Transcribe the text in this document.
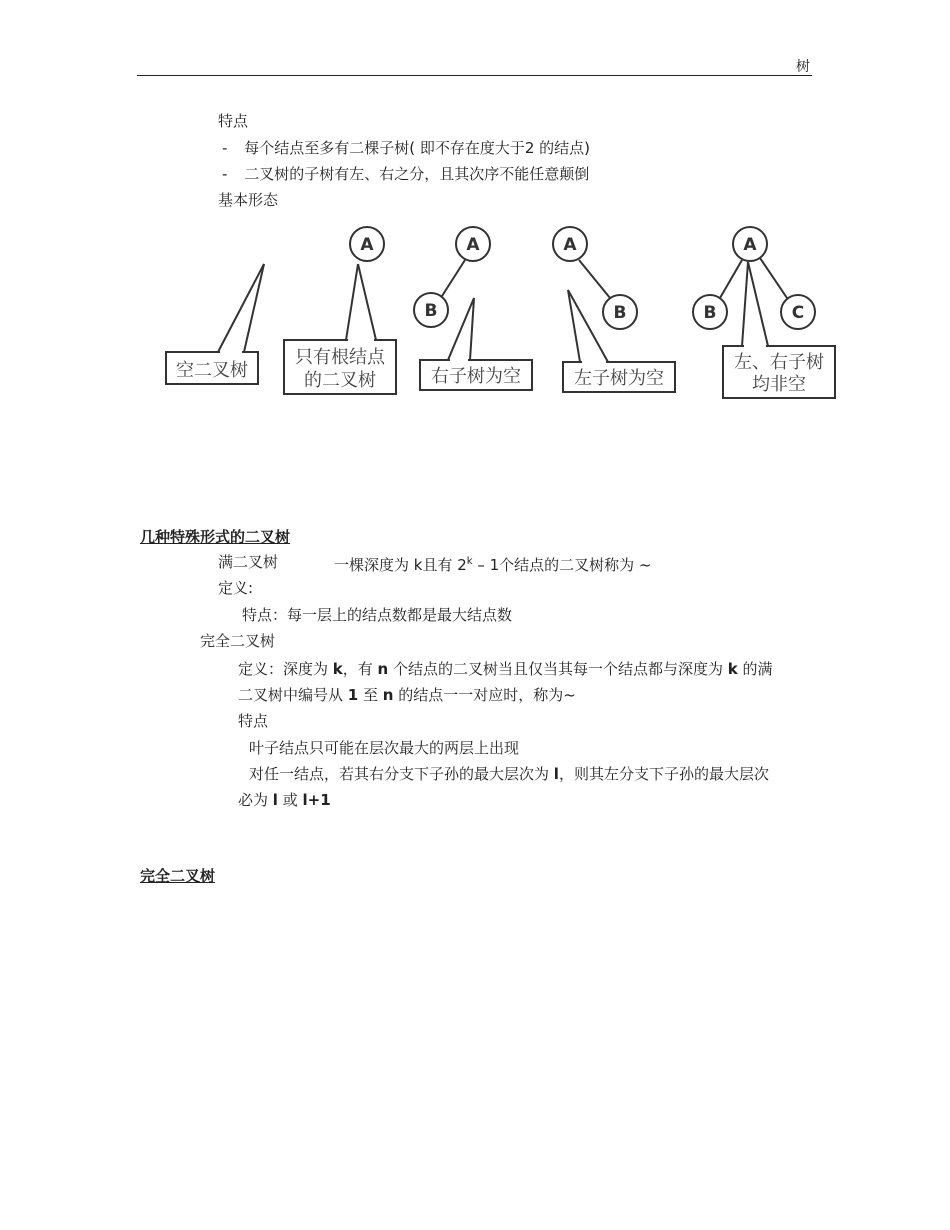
树
特点
- 每个结点至多有二棵子树( 即不存在度大于2 的结点)
- 二叉树的子树有左、右之分，且其次序不能任意颠倒
基本形态
A	A
B
A
B
A
B	C
空二叉树
只有根结点
的二叉树	右子树为空	左子树为空
左、右子树
均非空
几种特殊形式的二叉树
满二叉树	一棵深度为 k且有 2$^k$ – 1个结点的二叉树称为 ~
定义:
特点：每一层上的结点数都是最大结点数
完全二叉树
定义：深度为 k，有 n 个结点的二叉树当且仅当其每一个结点都与深度为 k 的满
二叉树中编号从 1 至 n 的结点一一对应时，称为~
特点
叶子结点只可能在层次最大的两层上出现
对任一结点，若其右分支下子孙的最大层次为 l，则其左分支下子孙的最大层次
必为 l 或 l+1
完全二叉树
